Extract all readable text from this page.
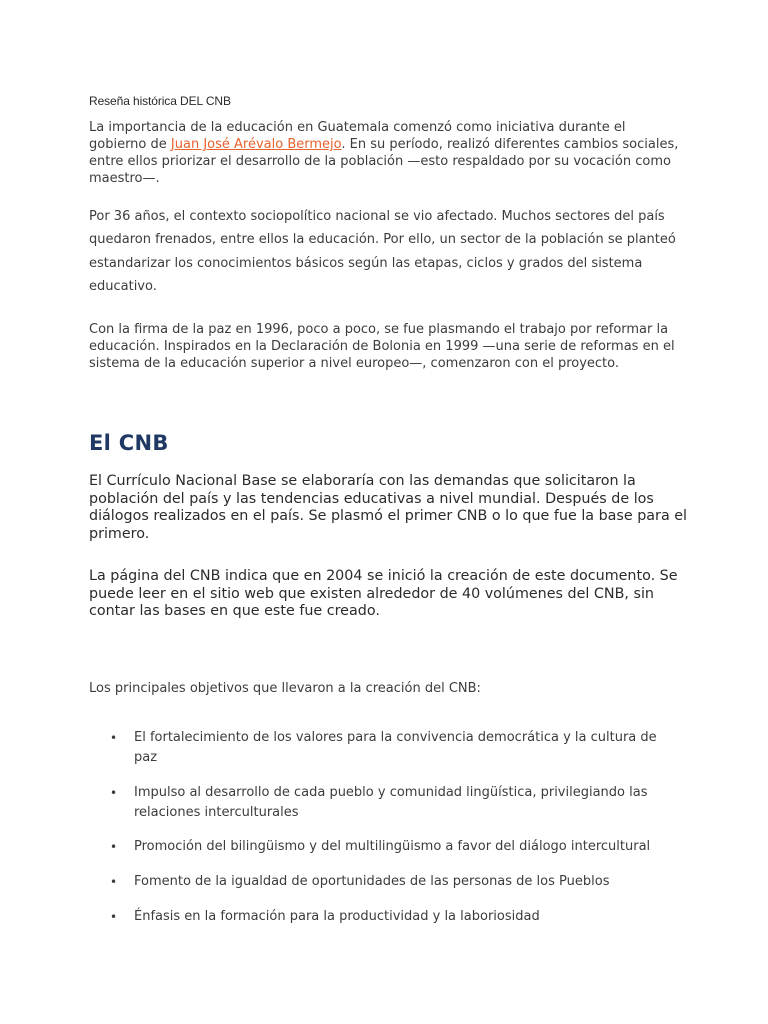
Reseña histórica DEL CNB

La importancia de la educación en Guatemala comenzó como iniciativa durante el gobierno de Juan José Arévalo Bermejo. En su período, realizó diferentes cambios sociales, entre ellos priorizar el desarrollo de la población —esto respaldado por su vocación como maestro—.

Por 36 años, el contexto sociopolítico nacional se vio afectado. Muchos sectores del país quedaron frenados, entre ellos la educación. Por ello, un sector de la población se planteó estandarizar los conocimientos básicos según las etapas, ciclos y grados del sistema educativo.

Con la firma de la paz en 1996, poco a poco, se fue plasmando el trabajo por reformar la educación. Inspirados en la Declaración de Bolonia en 1999 —una serie de reformas en el sistema de la educación superior a nivel europeo—, comenzaron con el proyecto.

El CNB

El Currículo Nacional Base se elaboraría con las demandas que solicitaron la población del país y las tendencias educativas a nivel mundial. Después de los diálogos realizados en el país. Se plasmó el primer CNB o lo que fue la base para el primero.

La página del CNB indica que en 2004 se inició la creación de este documento. Se puede leer en el sitio web que existen alrededor de 40 volúmenes del CNB, sin contar las bases en que este fue creado.

Los principales objetivos que llevaron a la creación del CNB:

• El fortalecimiento de los valores para la convivencia democrática y la cultura de paz
• Impulso al desarrollo de cada pueblo y comunidad lingüística, privilegiando las relaciones interculturales
• Promoción del bilingüismo y del multilingüismo a favor del diálogo intercultural
• Fomento de la igualdad de oportunidades de las personas de los Pueblos
• Énfasis en la formación para la productividad y la laboriosidad
